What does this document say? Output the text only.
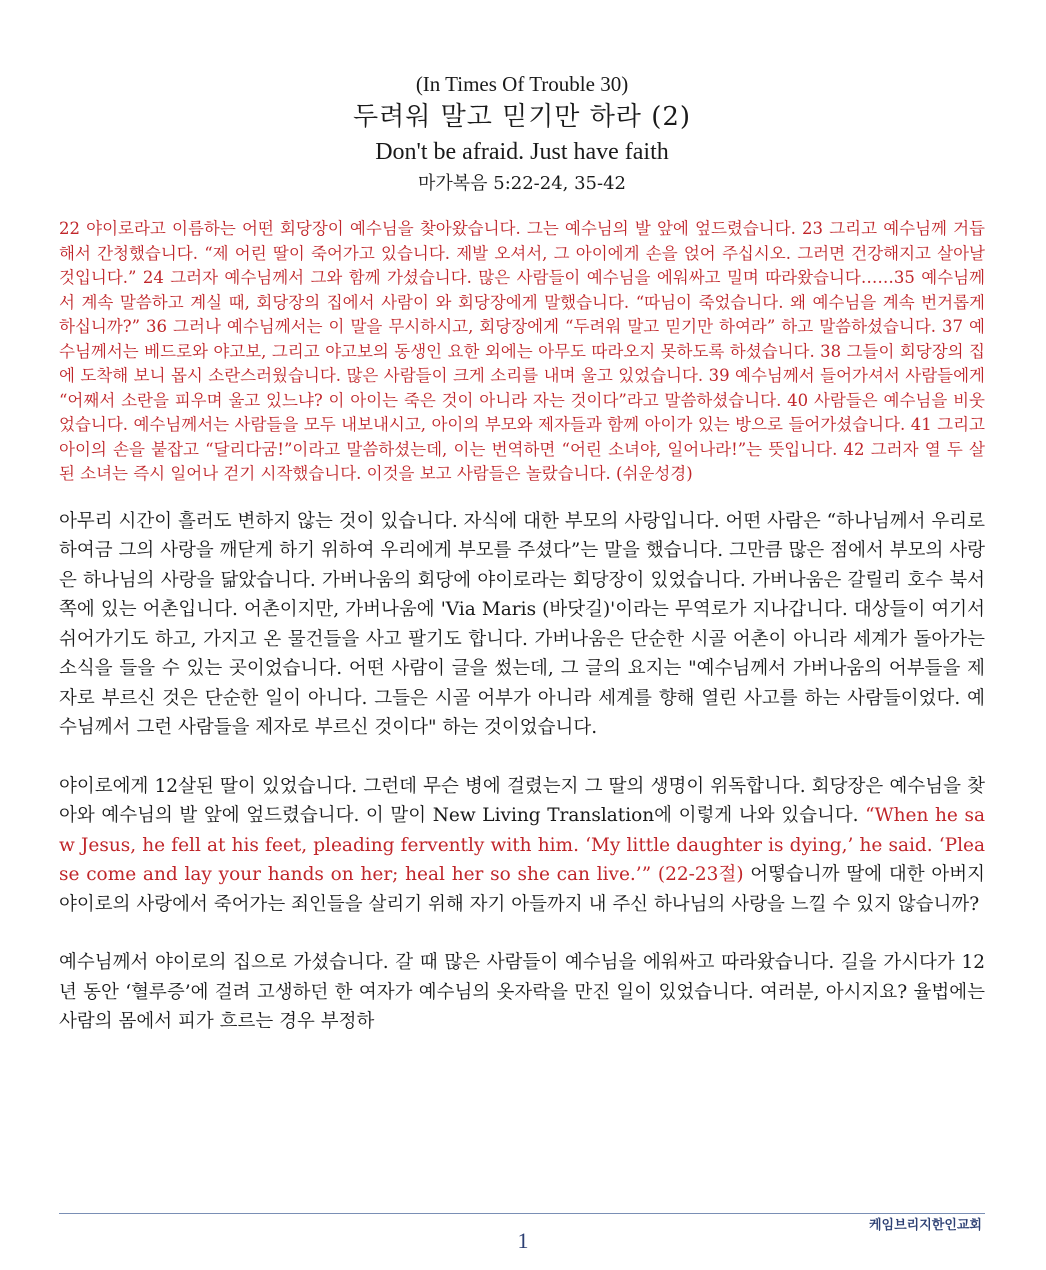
(In Times Of Trouble 30)
두려워 말고 믿기만 하라 (2)
Don't be afraid. Just have faith
마가복음 5:22-24, 35-42
22 야이로라고 이름하는 어떤 회당장이 예수님을 찾아왔습니다. 그는 예수님의 발 앞에 엎드렸습니다. 23 그리고 예수님께 거듭해서 간청했습니다. “제 어린 딸이 죽어가고 있습니다. 제발 오셔서, 그 아이에게 손을 얹어 주십시오. 그러면 건강해지고 살아날 것입니다.” 24 그러자 예수님께서 그와 함께 가셨습니다. 많은 사람들이 예수님을 에워싸고 밀며 따라왔습니다……35 예수님께서 계속 말씀하고 계실 때, 회당장의 집에서 사람이 와 회당장에게 말했습니다. “따님이 죽었습니다. 왜 예수님을 계속 번거롭게 하십니까?” 36 그러나 예수님께서는 이 말을 무시하시고, 회당장에게 “두려워 말고 믿기만 하여라” 하고 말씀하셨습니다. 37 예수님께서는 베드로와 야고보, 그리고 야고보의 동생인 요한 외에는 아무도 따라오지 못하도록 하셨습니다. 38 그들이 회당장의 집에 도착해 보니 몹시 소란스러웠습니다. 많은 사람들이 크게 소리를 내며 울고 있었습니다. 39 예수님께서 들어가셔서 사람들에게 “어째서 소란을 피우며 울고 있느냐? 이 아이는 죽은 것이 아니라 자는 것이다”라고 말씀하셨습니다. 40 사람들은 예수님을 비웃었습니다. 예수님께서는 사람들을 모두 내보내시고, 아이의 부모와 제자들과 함께 아이가 있는 방으로 들어가셨습니다. 41 그리고 아이의 손을 붙잡고 “달리다굼!”이라고 말씀하셨는데, 이는 번역하면 “어린 소녀야, 일어나라!”는 뜻입니다. 42 그러자 열 두 살 된 소녀는 즉시 일어나 걷기 시작했습니다. 이것을 보고 사람들은 놀랐습니다. (쉬운성경)
아무리 시간이 흘러도 변하지 않는 것이 있습니다. 자식에 대한 부모의 사랑입니다. 어떤 사람은 “하나님께서 우리로 하여금 그의 사랑을 깨닫게 하기 위하여 우리에게 부모를 주셨다”는 말을 했습니다. 그만큼 많은 점에서 부모의 사랑은 하나님의 사랑을 닮았습니다. 가버나움의 회당에 야이로라는 회당장이 있었습니다. 가버나움은 갈릴리 호수 북서쪽에 있는 어촌입니다. 어촌이지만, 가버나움에 'Via Maris (바닷길)'이라는 무역로가 지나갑니다. 대상들이 여기서 쉬어가기도 하고, 가지고 온 물건들을 사고 팔기도 합니다. 가버나움은 단순한 시골 어촌이 아니라 세계가 돌아가는 소식을 들을 수 있는 곳이었습니다. 어떤 사람이 글을 썼는데, 그 글의 요지는 "예수님께서 가버나움의 어부들을 제자로 부르신 것은 단순한 일이 아니다. 그들은 시골 어부가 아니라 세계를 향해 열린 사고를 하는 사람들이었다. 예수님께서 그런 사람들을 제자로 부르신 것이다" 하는 것이었습니다.
야이로에게 12살된 딸이 있었습니다. 그런데 무슨 병에 걸렸는지 그 딸의 생명이 위독합니다. 회당장은 예수님을 찾아와 예수님의 발 앞에 엎드렸습니다. 이 말이 New Living Translation에 이렇게 나와 있습니다. “When he saw Jesus, he fell at his feet, pleading fervently with him. ‘My little daughter is dying,’ he said. ‘Please come and lay your hands on her; heal her so she can live.’” (22-23절) 어떻습니까 딸에 대한 아버지 야이로의 사랑에서 죽어가는 죄인들을 살리기 위해 자기 아들까지 내 주신 하나님의 사랑을 느낄 수 있지 않습니까?
예수님께서 야이로의 집으로 가셨습니다. 갈 때 많은 사람들이 예수님을 에워싸고 따라왔습니다. 길을 가시다가 12년 동안 ‘혈루증’에 걸려 고생하던 한 여자가 예수님의 옷자락을 만진 일이 있었습니다. 여러분, 아시지요? 율법에는 사람의 몸에서 피가 흐르는 경우 부정하
케임브리지한인교회
1
